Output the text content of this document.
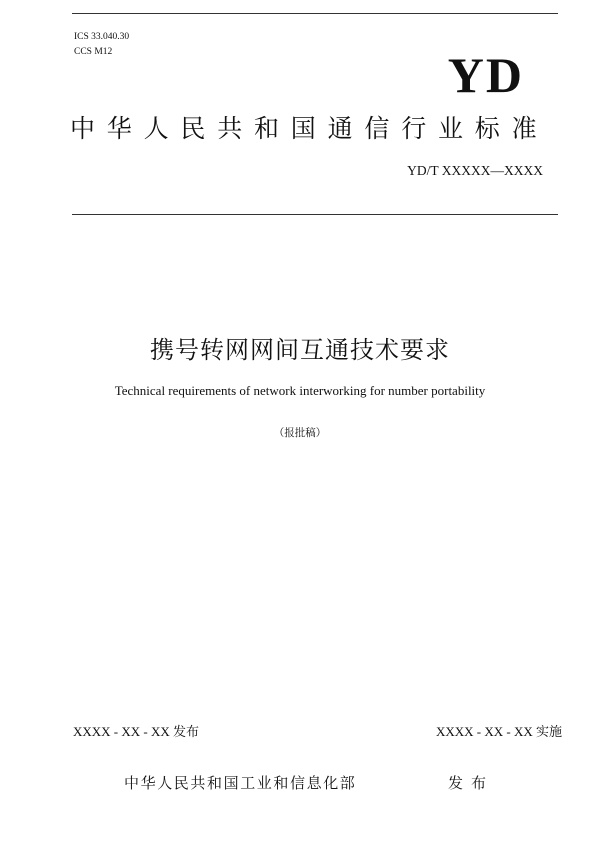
ICS 33.040.30
CCS M12	YD
中华人民共和国通信行业标准
YD/T XXXXX—XXXX
携号转网网间互通技术要求
Technical requirements of network interworking for number portability
（报批稿）
XXXX - XX - XX 发布	XXXX - XX - XX 实施
中华人民共和国工业和信息化部	发布
